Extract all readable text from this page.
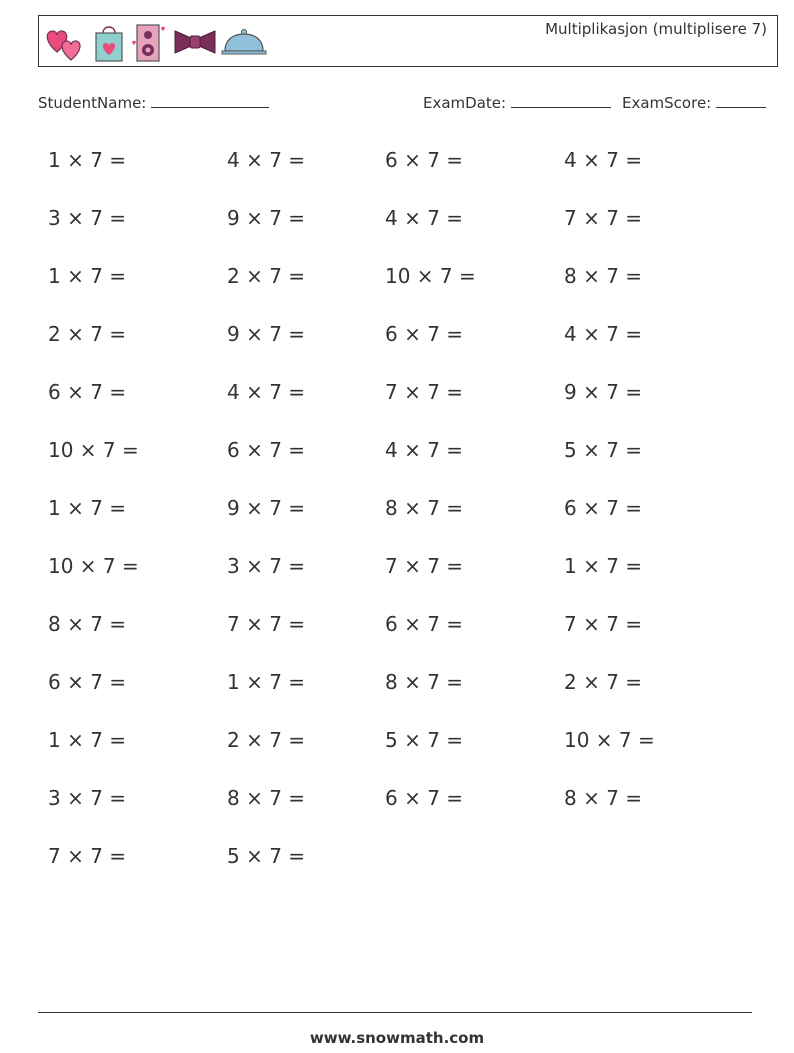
Multiplikasjon (multiplisere 7)
StudentName:	ExamDate:	ExamScore:
1 × 7 =	4 × 7 =	6 × 7 =	4 × 7 =
3 × 7 =	9 × 7 =	4 × 7 =	7 × 7 =
1 × 7 =	2 × 7 =	10 × 7 =	8 × 7 =
2 × 7 =	9 × 7 =	6 × 7 =	4 × 7 =
6 × 7 =	4 × 7 =	7 × 7 =	9 × 7 =
10 × 7 =	6 × 7 =	4 × 7 =	5 × 7 =
1 × 7 =	9 × 7 =	8 × 7 =	6 × 7 =
10 × 7 =	3 × 7 =	7 × 7 =	1 × 7 =
8 × 7 =	7 × 7 =	6 × 7 =	7 × 7 =
6 × 7 =	1 × 7 =	8 × 7 =	2 × 7 =
1 × 7 =	2 × 7 =	5 × 7 =	10 × 7 =
3 × 7 =	8 × 7 =	6 × 7 =	8 × 7 =
7 × 7 =	5 × 7 =
www.snowmath.com
